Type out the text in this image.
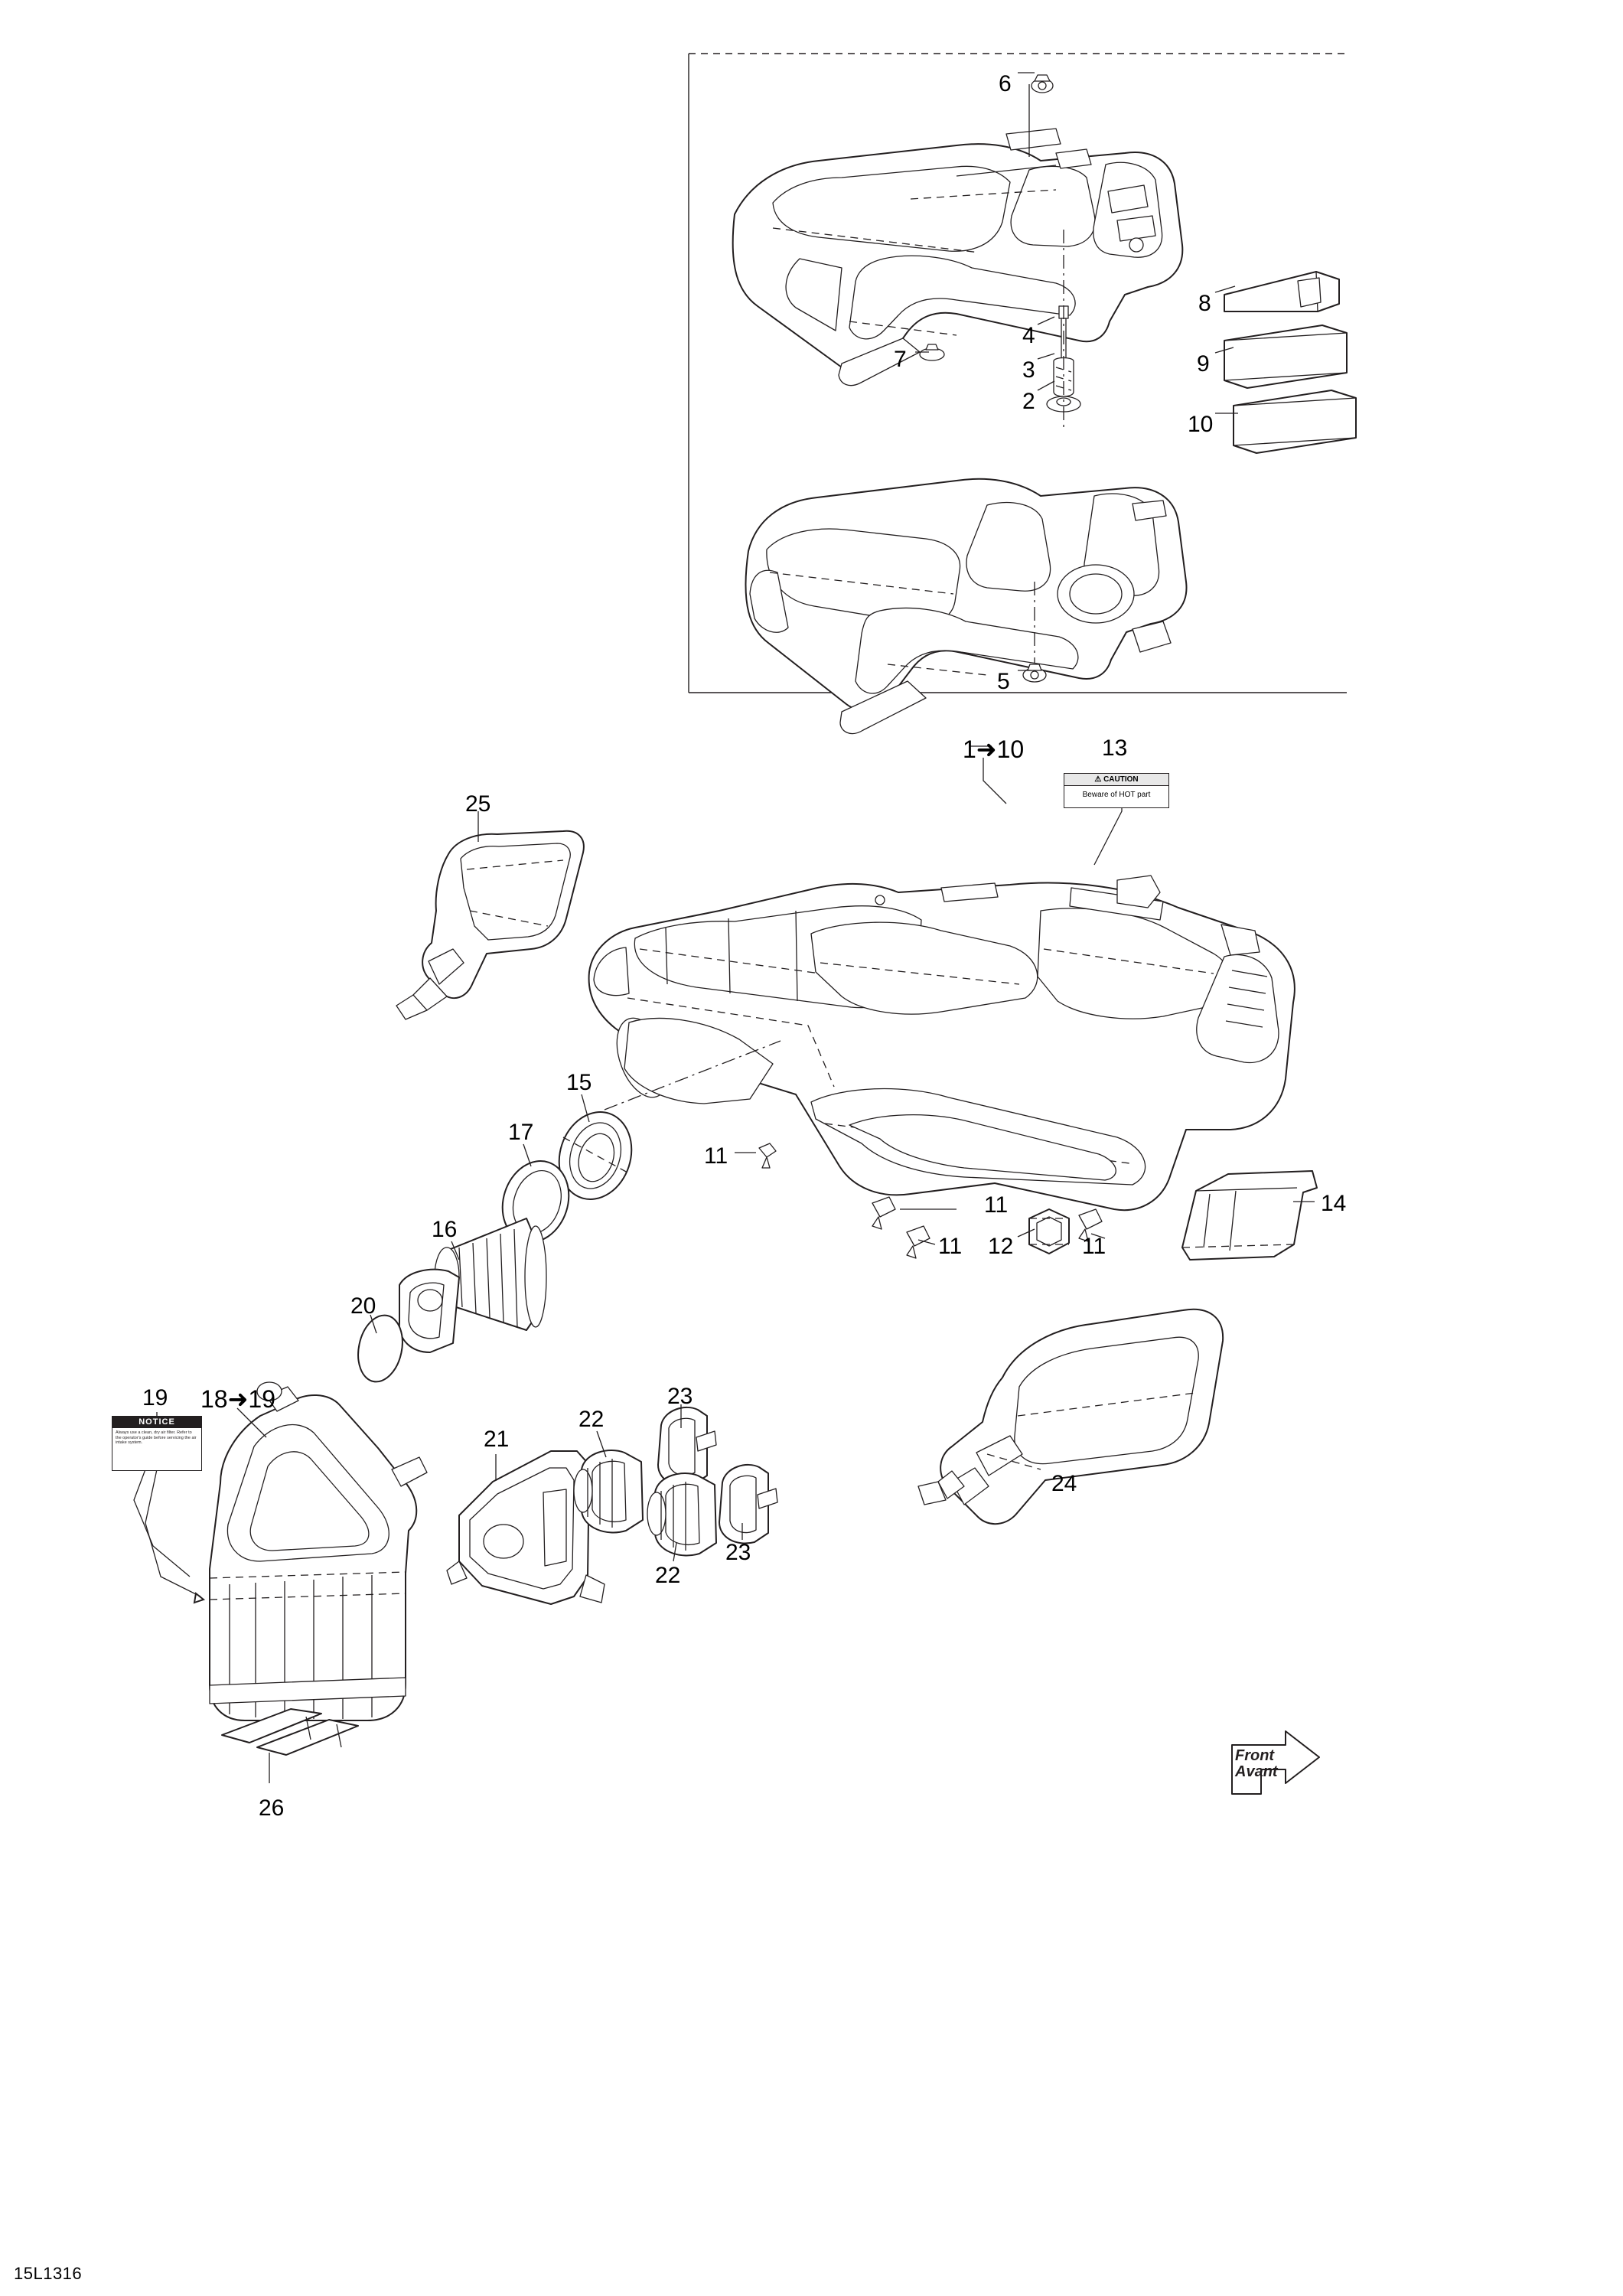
6
8
9
10
4
3
2
7
5
1➜10	13
25
15
17
16
20
19 18➜19
21
22
23
23
22
11
11
11 12	11
14
24
26
NOTICE
Always use a clean, dry air filter. Refer to the operator's guide before servicing the air intake system.
⚠ CAUTION
Beware of HOT part
Front
Avant
15L1316
